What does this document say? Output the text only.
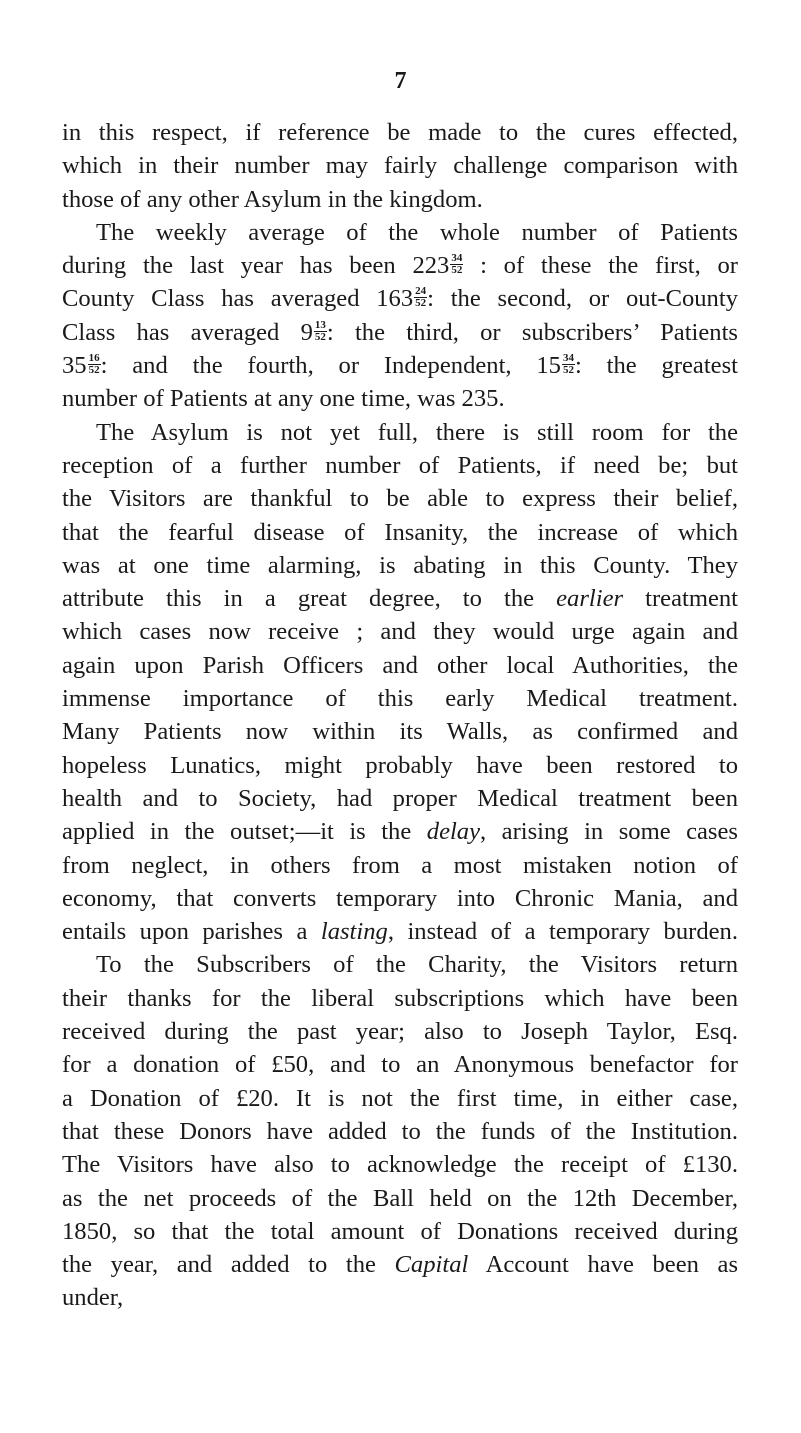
7
in this respect, if reference be made to the cures effected,
which in their number may fairly challenge comparison with
those of any other Asylum in the kingdom.
The weekly average of the whole number of Patients
during the last year has been $223 \frac{34}{52}$ : of these the first, or
County Class has averaged $163 \frac{24}{52}$ : the second, or out-County
Class has averaged $9 \frac{13}{52}$ : the third, or subscribers’ Patients
$35 \frac{16}{52}$ : and the fourth, or Independent, $15 \frac{34}{52}$ : the greatest
number of Patients at any one time, was 235.
The Asylum is not yet full, there is still room for the
reception of a further number of Patients, if need be; but
the Visitors are thankful to be able to express their belief,
that the fearful disease of Insanity, the increase of which
was at one time alarming, is abating in this County. They
attribute this in a great degree, to the earlier treatment
which cases now receive ; and they would urge again and
again upon Parish Officers and other local Authorities, the
immense importance of this early Medical treatment.
Many Patients now within its Walls, as confirmed and
hopeless Lunatics, might probably have been restored to
health and to Society, had proper Medical treatment been
applied in the outset;—it is the delay, arising in some cases
from neglect, in others from a most mistaken notion of
economy, that converts temporary into Chronic Mania, and
entails upon parishes a lasting, instead of a temporary burden.
To the Subscribers of the Charity, the Visitors return
their thanks for the liberal subscriptions which have been
received during the past year; also to Joseph Taylor, Esq.
for a donation of £50, and to an Anonymous benefactor for
a Donation of £20. It is not the first time, in either case,
that these Donors have added to the funds of the Institution.
The Visitors have also to acknowledge the receipt of £130.
as the net proceeds of the Ball held on the 12th December,
1850, so that the total amount of Donations received during
the year, and added to the Capital Account have been as
under,
